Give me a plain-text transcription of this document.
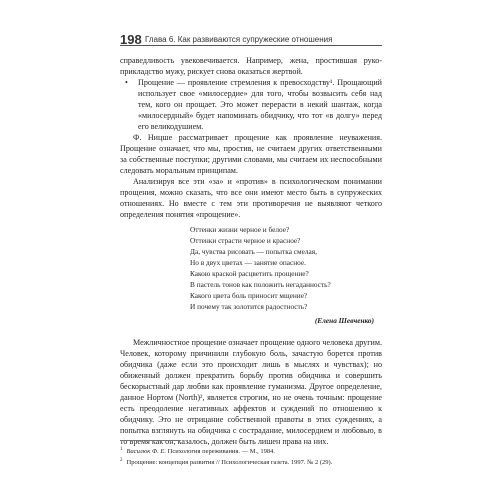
198 Глава 6. Как развиваются супружеские отношения

справедливость увековечивается. Например, жена, простившая руко-прикладство мужу, рискует снова оказаться жертвой.

• Прощение — проявление стремления к превосходству¹. Прощающий использует свое «милосердие» для того, чтобы возвысить себя над тем, кого он прощает. Это может перерасти в некий шантаж, когда «милосердный» будет напоминать обидчику, что тот «в долгу» перед его великодушием.

Ф. Ницше рассматривает прощение как проявление неуважения. Прощение означает, что мы, простив, не считаем других ответственными за собственные поступки; другими словами, мы считаем их неспособными следовать моральным принципам.

Анализируя все эти «за» и «против» в психологическом понимании прощения, можно сказать, что все они имеют место быть в супружеских отношениях. Но вместе с тем эти противоречия не выявляют четкого определения понятия «прощение».

Оттенки жизни черное и белое?
Оттенки страсти черное и красное?
Да, чувства рисовать — попытка смелая,
Но в двух цветах — занятие опасное.
Какою краской расцветить прощение?
В пастель тонов как положить негаданность?
Какого цвета боль приносит мщение?
И почему так золотится радостность?
(Елена Шевченко)

Межличностное прощение означает прощение одного человека другим. Человек, которому причинили глубокую боль, зачастую борется против обидчика (даже если это происходит лишь в мыслях и чувствах); но обиженный должен прекратить борьбу против обидчика и совершить бескорыстный дар любви как проявление гуманизма. Другое определение, данное Нортом (North)², является строгим, но не очень точным: прощение есть преодоление негативных аффектов и суждений по отношению к обидчику. Это не отрицание собственной правоты в этих суждениях, а попытка взглянуть на обидчика с сострадание, милосердием и любовью, в то время как он, казалось, должен быть лишен права на них.

$^1$ Василюк Ф. Е. Психология переживания. — М., 1984.
$^2$ Прощение: концепция развития // Психологическая газета. 1997. № 2 (29).
